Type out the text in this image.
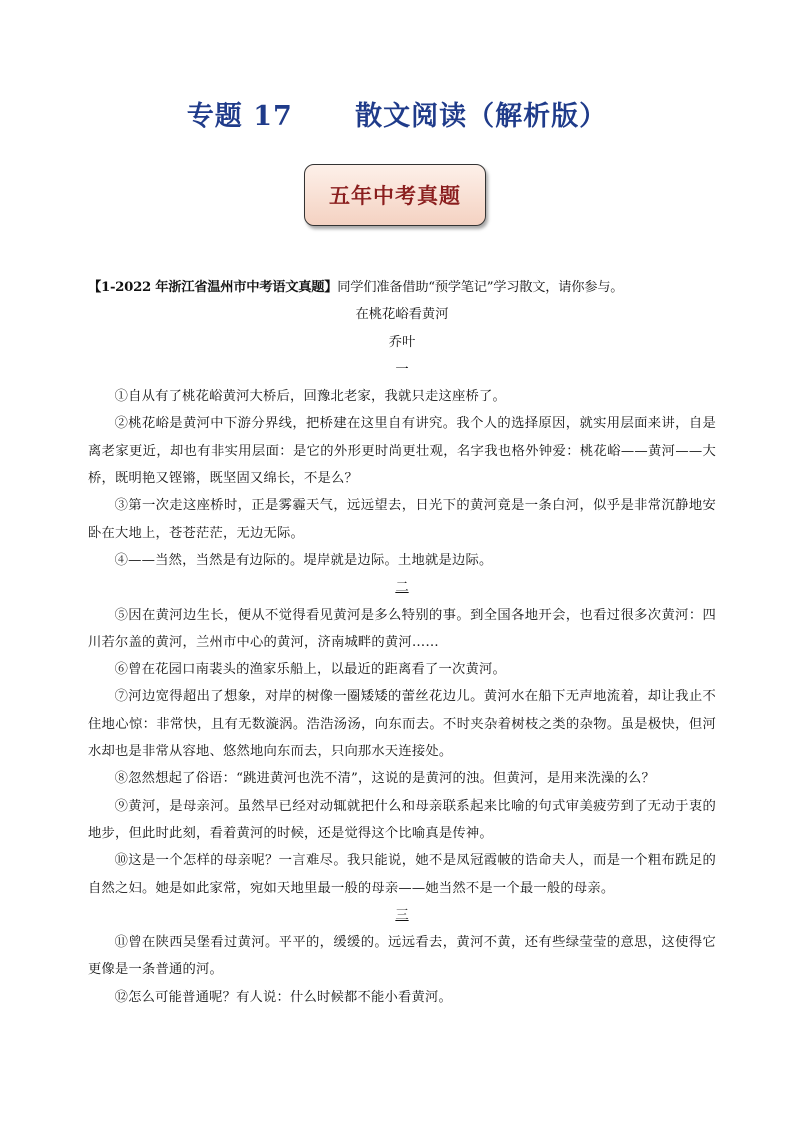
专题 17      散文阅读（解析版）
五年中考真题

【1-2022 年浙江省温州市中考语文真题】同学们准备借助“预学笔记”学习散文，请你参与。

在桃花峪看黄河

乔叶

一

①自从有了桃花峪黄河大桥后，回豫北老家，我就只走这座桥了。

②桃花峪是黄河中下游分界线，把桥建在这里自有讲究。我个人的选择原因，就实用层面来讲，自是离老家更近，却也有非实用层面：是它的外形更时尚更壮观，名字我也格外钟爱：桃花峪——黄河——大桥，既明艳又铿锵，既坚固又绵长，不是么？

③第一次走这座桥时，正是雾霾天气，远远望去，日光下的黄河竟是一条白河，似乎是非常沉静地安卧在大地上，苍苍茫茫，无边无际。

④——当然，当然是有边际的。堤岸就是边际。土地就是边际。

二

⑤因在黄河边生长，便从不觉得看见黄河是多么特别的事。到全国各地开会，也看过很多次黄河：四川若尔盖的黄河，兰州市中心的黄河，济南城畔的黄河……

⑥曾在花园口南裴头的渔家乐船上，以最近的距离看了一次黄河。

⑦河边宽得超出了想象，对岸的树像一圈矮矮的蕾丝花边儿。黄河水在船下无声地流着，却让我止不住地心惊：非常快，且有无数漩涡。浩浩汤汤，向东而去。不时夹杂着树枝之类的杂物。虽是极快，但河水却也是非常从容地、悠然地向东而去，只向那水天连接处。

⑧忽然想起了俗语：“跳进黄河也洗不清”，这说的是黄河的浊。但黄河，是用来洗澡的么？

⑨黄河，是母亲河。虽然早已经对动辄就把什么和母亲联系起来比喻的句式审美疲劳到了无动于衷的地步，但此时此刻，看着黄河的时候，还是觉得这个比喻真是传神。

⑩这是一个怎样的母亲呢？一言难尽。我只能说，她不是凤冠霞帔的诰命夫人，而是一个粗布跣足的自然之妇。她是如此家常，宛如天地里最一般的母亲——她当然不是一个最一般的母亲。

三

⑪曾在陕西吴堡看过黄河。平平的，缓缓的。远远看去，黄河不黄，还有些绿莹莹的意思，这使得它更像是一条普通的河。

⑫怎么可能普通呢？有人说：什么时候都不能小看黄河。
